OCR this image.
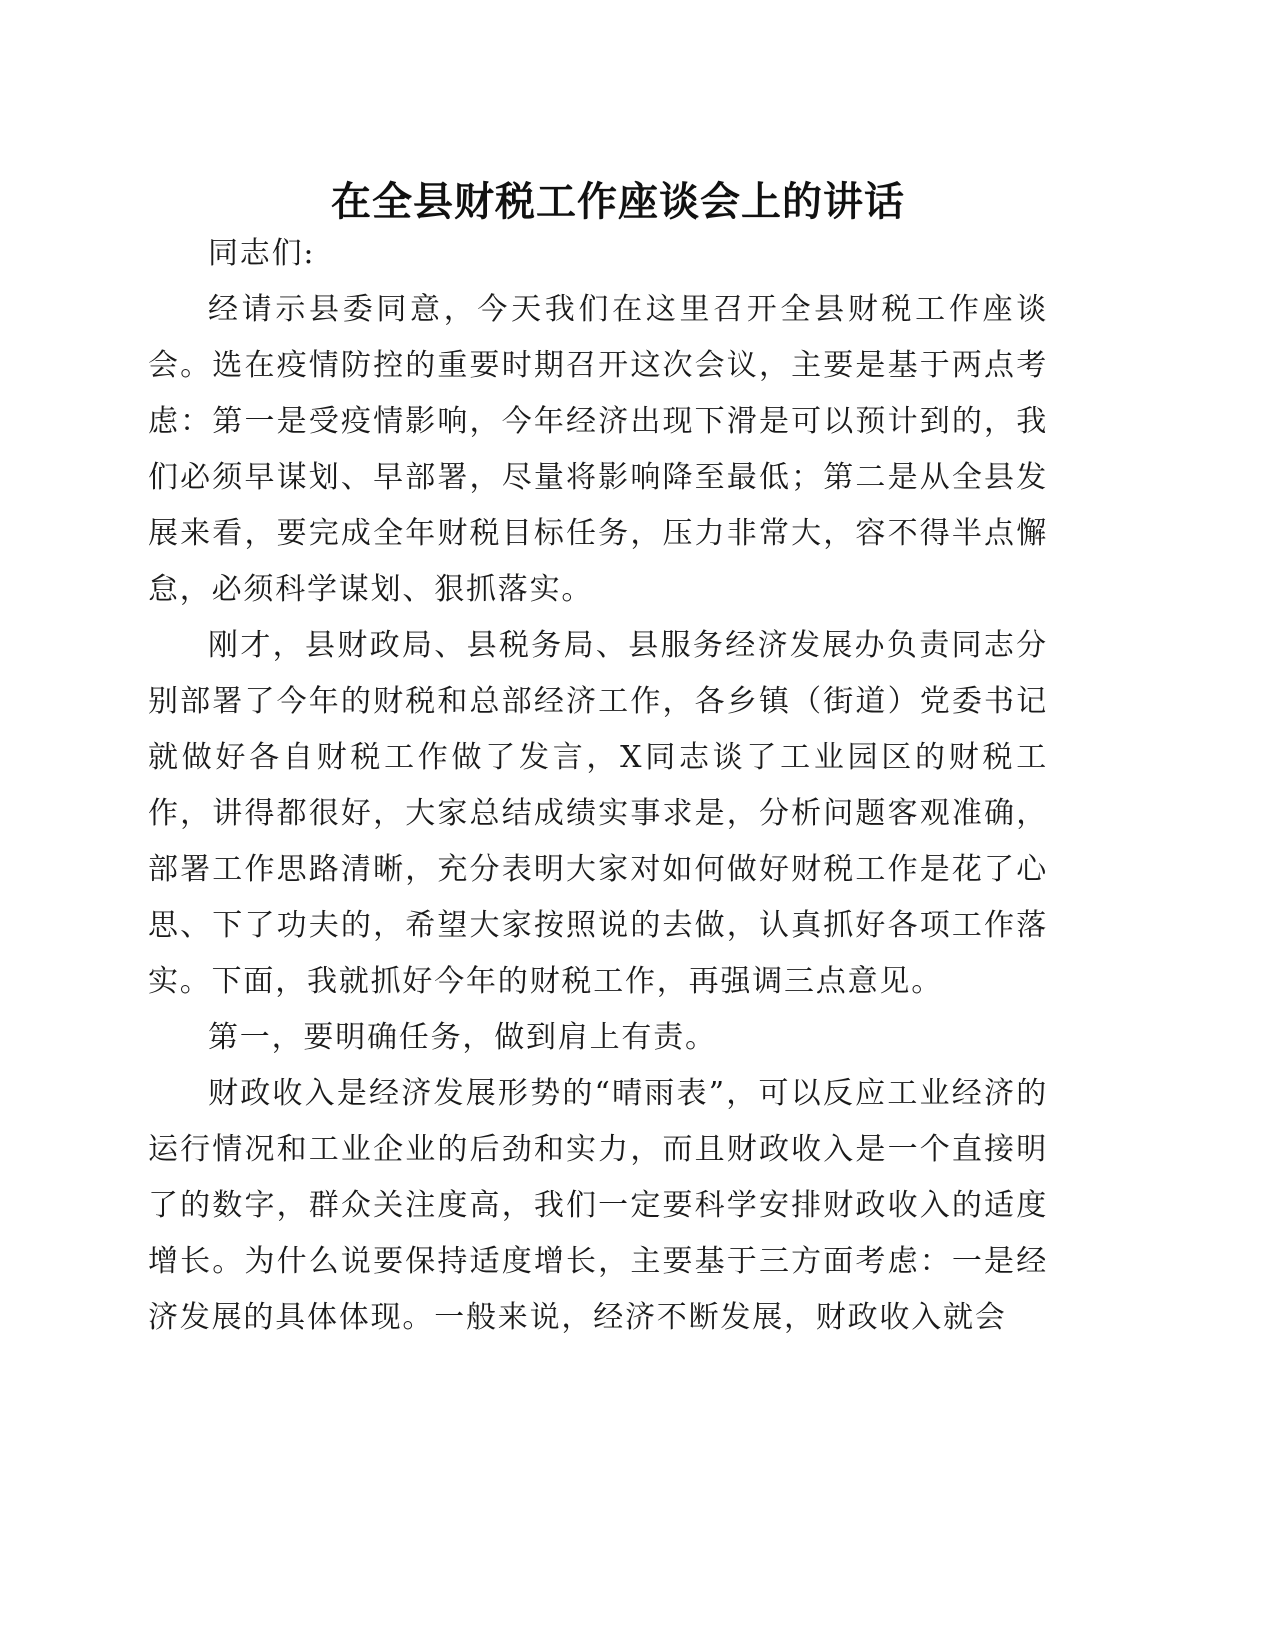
在全县财税工作座谈会上的讲话

同志们:

经请示县委同意，今天我们在这里召开全县财税工作座谈会。选在疫情防控的重要时期召开这次会议，主要是基于两点考虑：第一是受疫情影响，今年经济出现下滑是可以预计到的，我们必须早谋划、早部署，尽量将影响降至最低；第二是从全县发展来看，要完成全年财税目标任务，压力非常大，容不得半点懈怠，必须科学谋划、狠抓落实。

刚才，县财政局、县税务局、县服务经济发展办负责同志分别部署了今年的财税和总部经济工作，各乡镇（街道）党委书记就做好各自财税工作做了发言，X同志谈了工业园区的财税工作，讲得都很好，大家总结成绩实事求是，分析问题客观准确，部署工作思路清晰，充分表明大家对如何做好财税工作是花了心思、下了功夫的，希望大家按照说的去做，认真抓好各项工作落实。下面，我就抓好今年的财税工作，再强调三点意见。

第一，要明确任务，做到肩上有责。

财政收入是经济发展形势的“晴雨表”，可以反应工业经济的运行情况和工业企业的后劲和实力，而且财政收入是一个直接明了的数字，群众关注度高，我们一定要科学安排财政收入的适度增长。为什么说要保持适度增长，主要基于三方面考虑：一是经济发展的具体体现。一般来说，经济不断发展，财政收入就会
